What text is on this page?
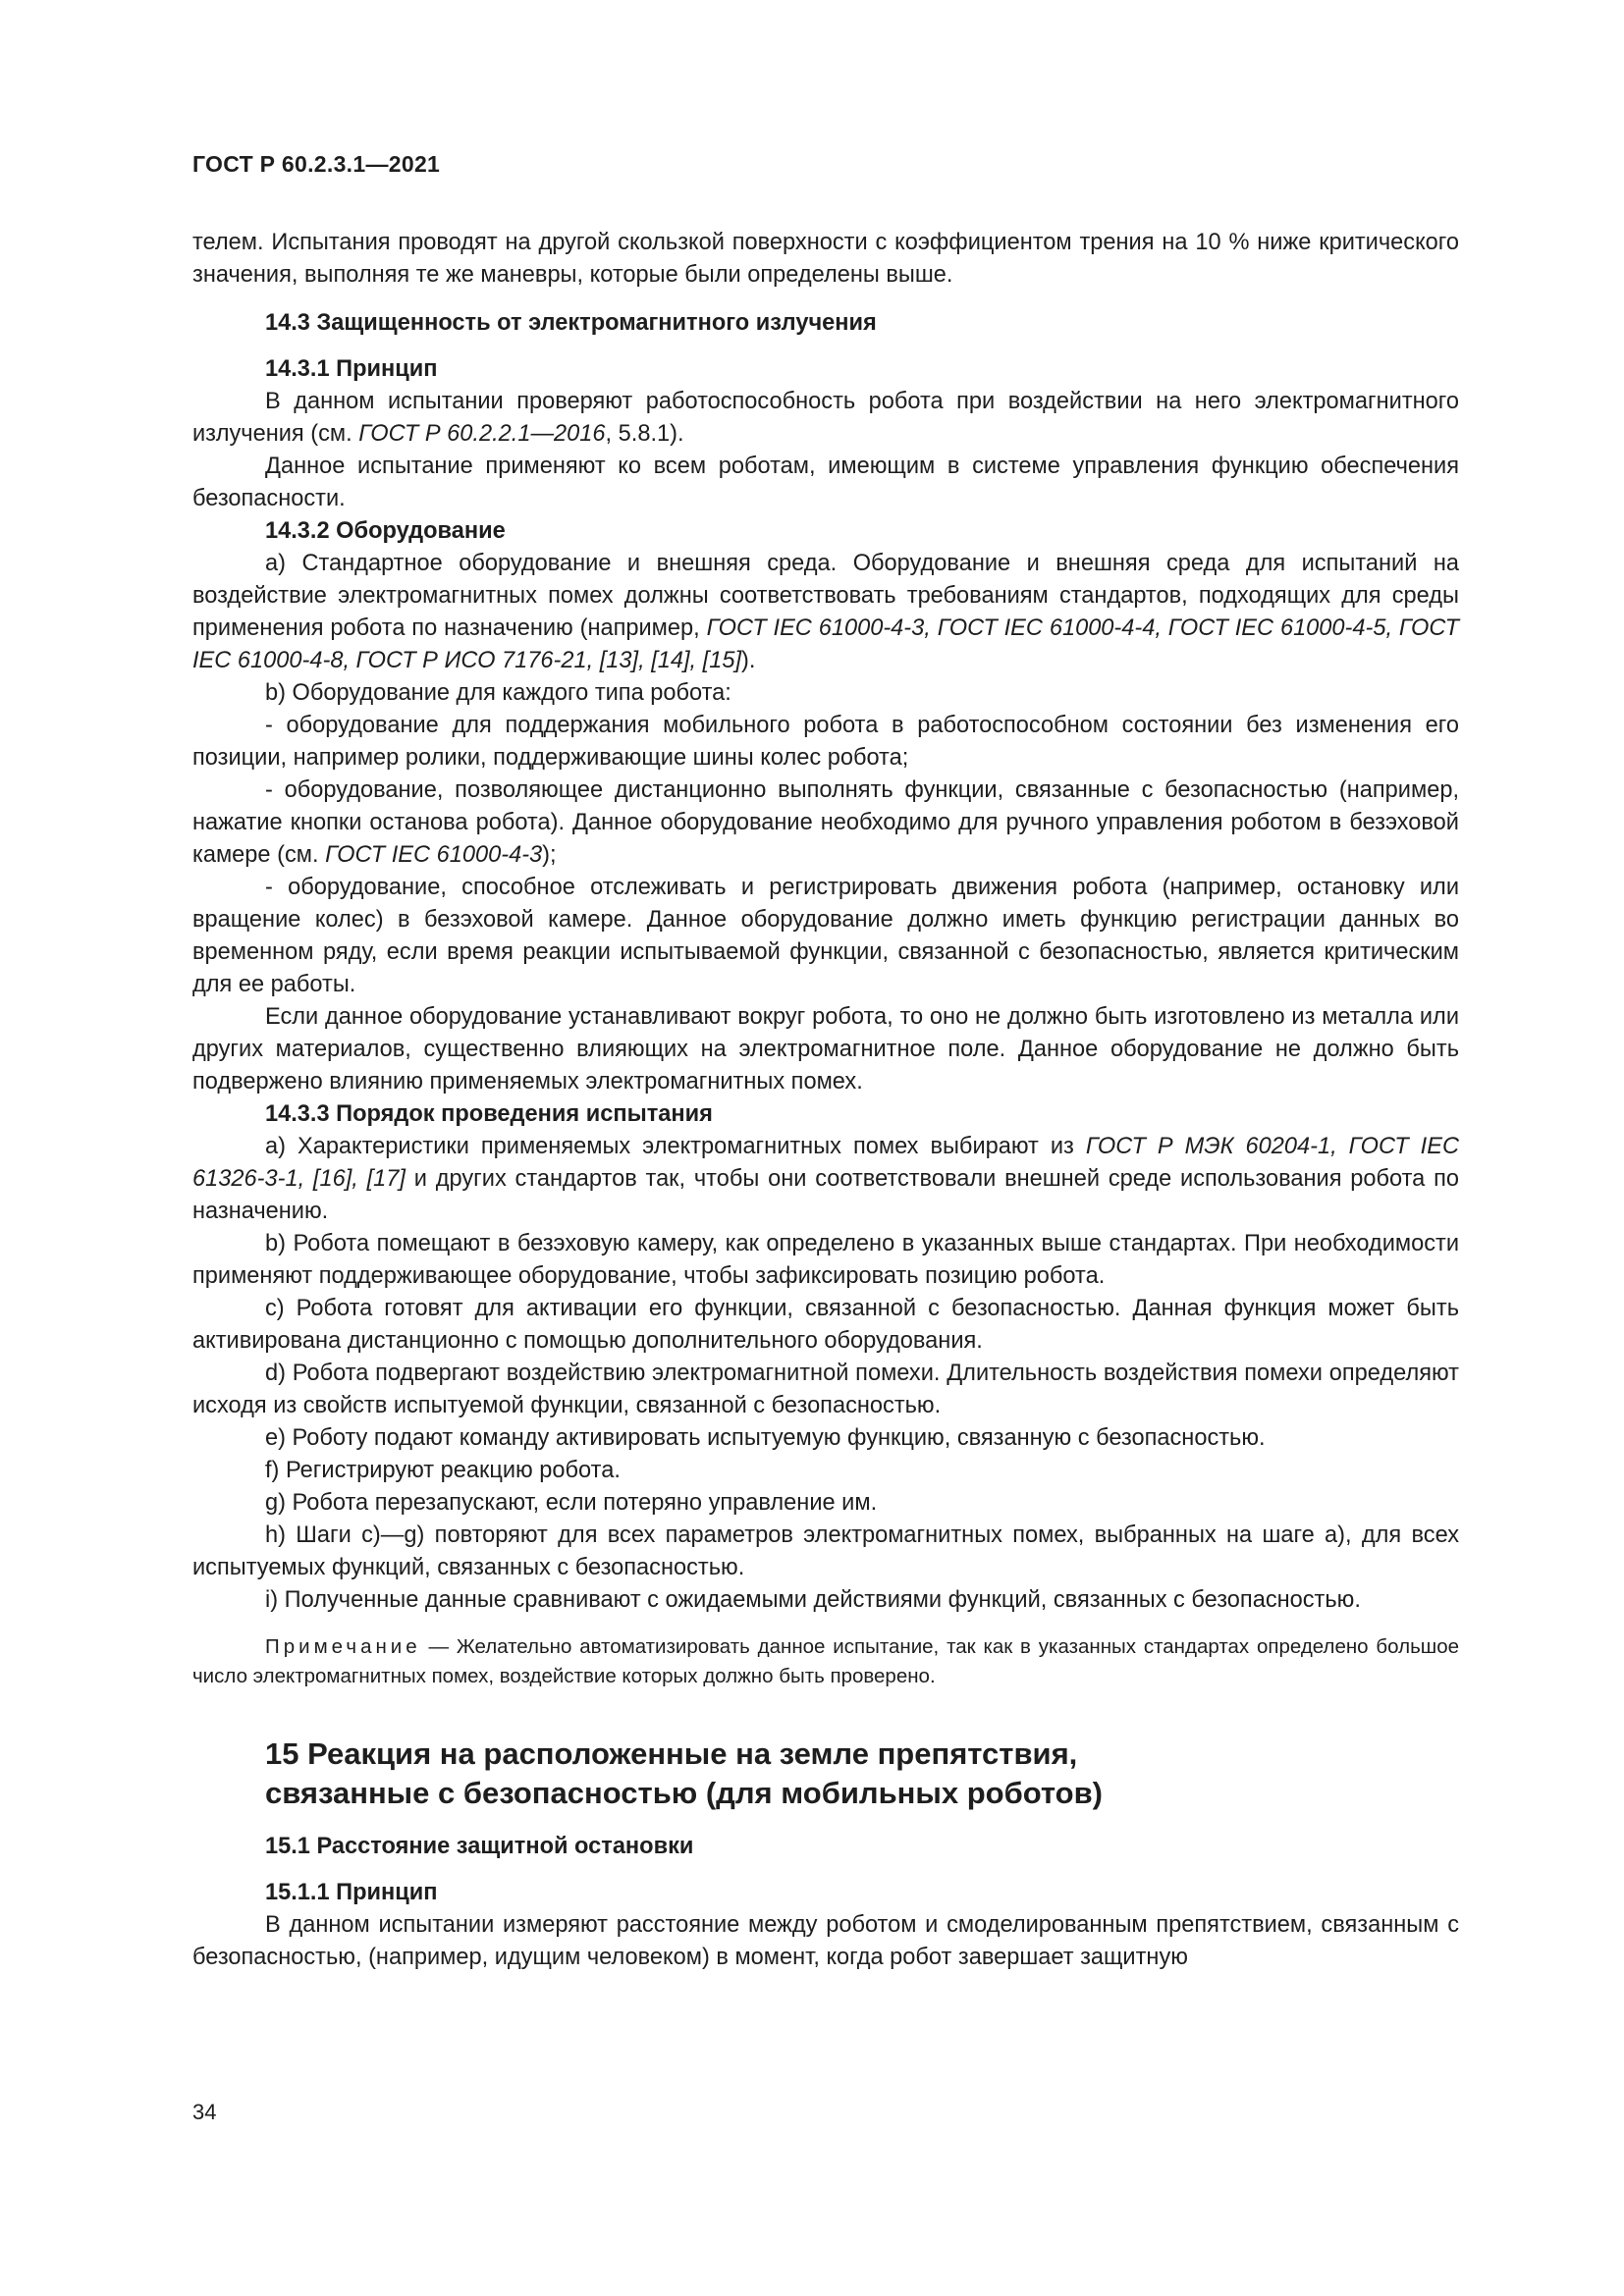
ГОСТ Р 60.2.3.1—2021

телем. Испытания проводят на другой скользкой поверхности с коэффициентом трения на 10 % ниже критического значения, выполняя те же маневры, которые были определены выше.

14.3 Защищенность от электромагнитного излучения

14.3.1 Принцип

В данном испытании проверяют работоспособность робота при воздействии на него электромагнитного излучения (см. ГОСТ Р 60.2.2.1—2016, 5.8.1).

Данное испытание применяют ко всем роботам, имеющим в системе управления функцию обеспечения безопасности.

14.3.2 Оборудование

а) Стандартное оборудование и внешняя среда. Оборудование и внешняя среда для испытаний на воздействие электромагнитных помех должны соответствовать требованиям стандартов, подходящих для среды применения робота по назначению (например, ГОСТ IEC 61000-4-3, ГОСТ IEC 61000-4-4, ГОСТ IEC 61000-4-5, ГОСТ IEC 61000-4-8, ГОСТ Р ИСО 7176-21, [13], [14], [15]).

b) Оборудование для каждого типа робота:

- оборудование для поддержания мобильного робота в работоспособном состоянии без изменения его позиции, например ролики, поддерживающие шины колес робота;

- оборудование, позволяющее дистанционно выполнять функции, связанные с безопасностью (например, нажатие кнопки останова робота). Данное оборудование необходимо для ручного управления роботом в безэховой камере (см. ГОСТ IEC 61000-4-3);

- оборудование, способное отслеживать и регистрировать движения робота (например, остановку или вращение колес) в безэховой камере. Данное оборудование должно иметь функцию регистрации данных во временном ряду, если время реакции испытываемой функции, связанной с безопасностью, является критическим для ее работы.

Если данное оборудование устанавливают вокруг робота, то оно не должно быть изготовлено из металла или других материалов, существенно влияющих на электромагнитное поле. Данное оборудование не должно быть подвержено влиянию применяемых электромагнитных помех.

14.3.3 Порядок проведения испытания

а) Характеристики применяемых электромагнитных помех выбирают из ГОСТ Р МЭК 60204-1, ГОСТ IEC 61326-3-1, [16], [17] и других стандартов так, чтобы они соответствовали внешней среде использования робота по назначению.

b) Робота помещают в безэховую камеру, как определено в указанных выше стандартах. При необходимости применяют поддерживающее оборудование, чтобы зафиксировать позицию робота.

c) Робота готовят для активации его функции, связанной с безопасностью. Данная функция может быть активирована дистанционно с помощью дополнительного оборудования.

d) Робота подвергают воздействию электромагнитной помехи. Длительность воздействия помехи определяют исходя из свойств испытуемой функции, связанной с безопасностью.

e) Роботу подают команду активировать испытуемую функцию, связанную с безопасностью.

f) Регистрируют реакцию робота.

g) Робота перезапускают, если потеряно управление им.

h) Шаги c)—g) повторяют для всех параметров электромагнитных помех, выбранных на шаге а), для всех испытуемых функций, связанных с безопасностью.

i) Полученные данные сравнивают с ожидаемыми действиями функций, связанных с безопасностью.

Примечание — Желательно автоматизировать данное испытание, так как в указанных стандартах определено большое число электромагнитных помех, воздействие которых должно быть проверено.

15 Реакция на расположенные на земле препятствия,
связанные с безопасностью (для мобильных роботов)

15.1 Расстояние защитной остановки

15.1.1 Принцип

В данном испытании измеряют расстояние между роботом и смоделированным препятствием, связанным с безопасностью, (например, идущим человеком) в момент, когда робот завершает защитную

34
